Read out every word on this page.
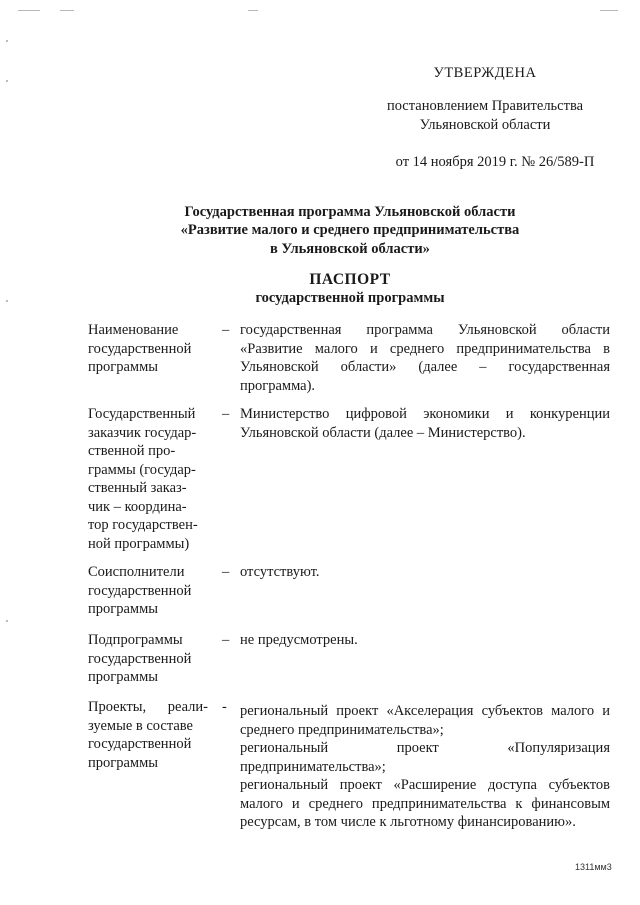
УТВЕРЖДЕНА
постановлением Правительства
Ульяновской области
от 14 ноября 2019 г. № 26/589-П
Государственная программа Ульяновской области
«Развитие малого и среднего предпринимательства
в Ульяновской области»
ПАСПОРТ
государственной программы
Наименование
государственной
программы
– государственная программа Ульяновской области «Развитие малого и среднего предпринимательства в Ульяновской области» (далее – государственная программа).

Государственный
заказчик государ-
ственной про-
граммы (государ-
ственный заказ-
чик – координа-
тор государствен-
ной программы)
– Министерство цифровой экономики и конкуренции Ульяновской области (далее – Министерство).

Соисполнители
государственной
программы
– отсутствуют.

Подпрограммы
государственной
программы
– не предусмотрены.

Проекты, реали-
зуемые в составе
государственной
программы
- региональный проект «Акселерация субъектов малого и среднего предпринимательства»;

региональный проект «Популяризация предпринимательства»;

региональный проект «Расширение доступа субъектов малого и среднего предпринимательства к финансовым ресурсам, в том числе к льготному финансированию».

1311мм3
